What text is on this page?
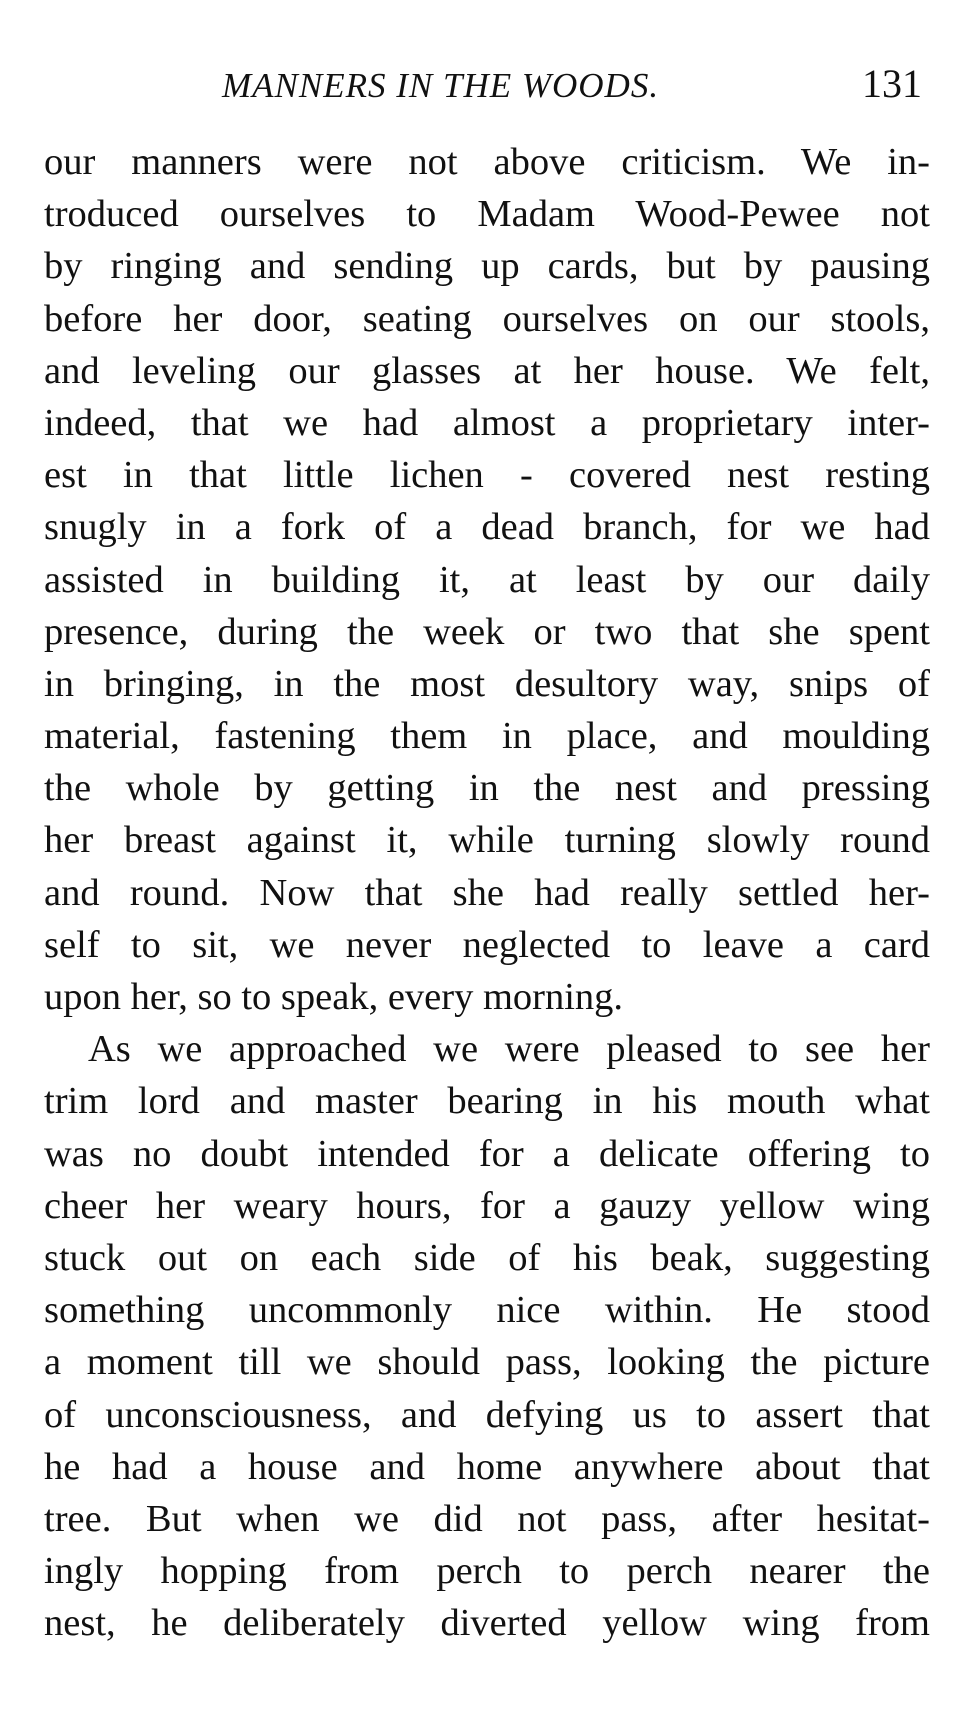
MANNERS IN THE WOODS.	131
our manners were not above criticism. We in-
troduced ourselves to Madam Wood-Pewee not
by ringing and sending up cards, but by pausing
before her door, seating ourselves on our stools,
and leveling our glasses at her house. We felt,
indeed, that we had almost a proprietary inter-
est in that little lichen - covered nest resting
snugly in a fork of a dead branch, for we had
assisted in building it, at least by our daily
presence, during the week or two that she spent
in bringing, in the most desultory way, snips of
material, fastening them in place, and moulding
the whole by getting in the nest and pressing
her breast against it, while turning slowly round
and round. Now that she had really settled her-
self to sit, we never neglected to leave a card
upon her, so to speak, every morning.
As we approached we were pleased to see her
trim lord and master bearing in his mouth what
was no doubt intended for a delicate offering to
cheer her weary hours, for a gauzy yellow wing
stuck out on each side of his beak, suggesting
something uncommonly nice within. He stood
a moment till we should pass, looking the picture
of unconsciousness, and defying us to assert that
he had a house and home anywhere about that
tree. But when we did not pass, after hesitat-
ingly hopping from perch to perch nearer the
nest, he deliberately diverted yellow wing from
